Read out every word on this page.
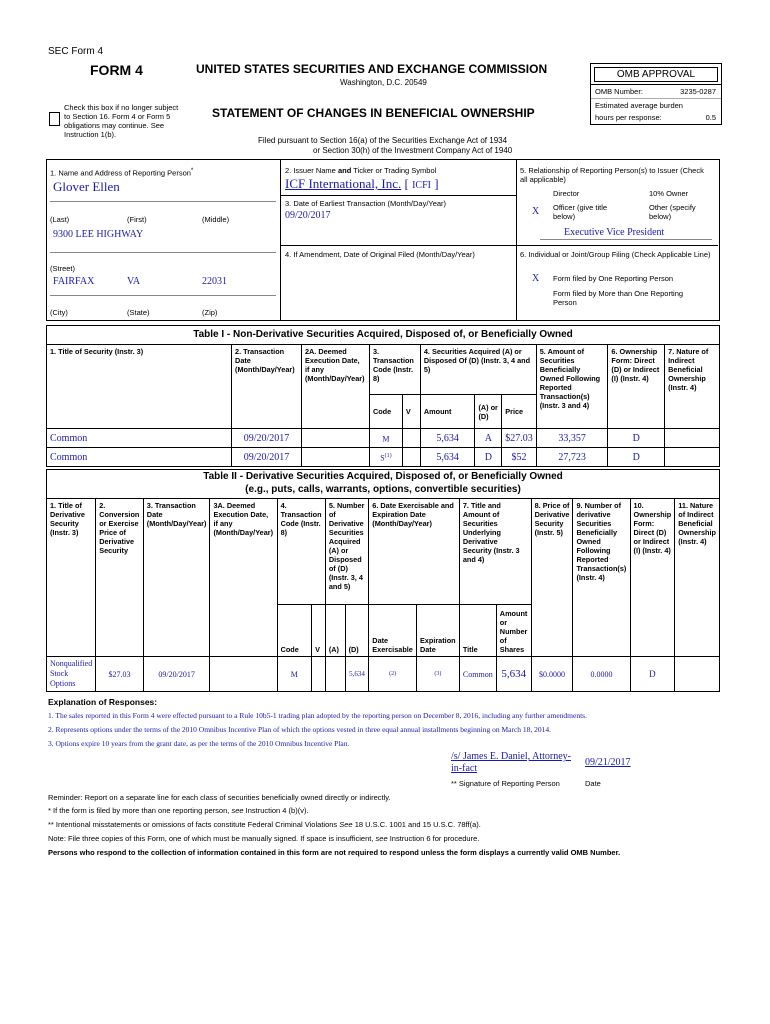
SEC Form 4
FORM 4	UNITED STATES SECURITIES AND EXCHANGE COMMISSION
Washington, D.C. 20549
Check this box if no longer subject to Section 16. Form 4 or Form 5 obligations may continue. See Instruction 1(b).
STATEMENT OF CHANGES IN BENEFICIAL OWNERSHIP
Filed pursuant to Section 16(a) of the Securities Exchange Act of 1934
or Section 30(h) of the Investment Company Act of 1940
OMB APPROVAL
OMB Number:	3235-0287
Estimated average burden
hours per response:	0.5
1. Name and Address of Reporting Person*
Glover Ellen
(Last)	(First)	(Middle)
9300 LEE HIGHWAY
(Street)
FAIRFAX	VA	22031
(City)	(State)	(Zip)
2. Issuer Name and Ticker or Trading Symbol
ICF International, Inc. [ ICFI ]
3. Date of Earliest Transaction (Month/Day/Year)
09/20/2017
4. If Amendment, Date of Original Filed (Month/Day/Year)
5. Relationship of Reporting Person(s) to Issuer (Check all applicable)
Director	10% Owner
X Officer (give title below)
Other (specify below)
Executive Vice President
6. Individual or Joint/Group Filing (Check Applicable Line)
X Form filed by One Reporting Person
Form filed by More than One Reporting Person
Table I - Non-Derivative Securities Acquired, Disposed of, or Beneficially Owned
1. Title of Security (Instr. 3)	2. Transaction Date (Month/Day/Year)	2A. Deemed Execution Date, if any (Month/Day/Year)	3. Transaction Code (Instr. 8)		4. Securities Acquired (A) or Disposed Of (D) (Instr. 3, 4 and 5)			5. Amount of Securities Beneficially Owned Following Reported Transaction(s) (Instr. 3 and 4)	6. Ownership Form: Direct (D) or Indirect (I) (Instr. 4)	7. Nature of Indirect Beneficial Ownership (Instr. 4)
			Code	V	Amount	(A) or (D)	Price			
Common	09/20/2017		M		5,634	A	$27.03	33,357	D	
Common	09/20/2017		$S^{(1)}$		5,634	D	$52	27,723	D	
Table II - Derivative Securities Acquired, Disposed of, or Beneficially Owned
(e.g., puts, calls, warrants, options, convertible securities)
1. Title of Derivative Security (Instr. 3)	2. Conversion or Exercise Price of Derivative Security	3. Transaction Date (Month/Day/Year)	3A. Deemed Execution Date, if any (Month/Day/Year)	4. Transaction Code (Instr. 8)		5. Number of Derivative Securities Acquired (A) or Disposed of (D) (Instr. 3, 4 and 5)		6. Date Exercisable and Expiration Date (Month/Day/Year)		7. Title and Amount of Securities Underlying Derivative Security (Instr. 3 and 4)		8. Price of Derivative Security (Instr. 5)	9. Number of derivative Securities Beneficially Owned Following Reported Transaction(s) (Instr. 4)	10. Ownership Form: Direct (D) or Indirect (I) (Instr. 4)	11. Nature of Indirect Beneficial Ownership (Instr. 4)
				Code	V	(A)	(D)	Date Exercisable	Expiration Date	Title	Amount or Number of Shares				
Nonqualified Stock Options	$27.03	09/20/2017		M			5,634	(2)	(3)	Common	5,634	$0.0000	0.0000	D	
Explanation of Responses:
1. The sales reported in this Form 4 were effected pursuant to a Rule 10b5-1 trading plan adopted by the reporting person on December 8, 2016, including any further amendments.
2. Represents options under the terms of the 2010 Omnibus Incentive Plan of which the options vested in three equal annual installments beginning on March 18, 2014.
3. Options expire 10 years from the grant date, as per the terms of the 2010 Omnibus Incentive Plan.
/s/ James E. Daniel, Attorney-in-fact
09/21/2017
** Signature of Reporting Person	Date
Reminder: Report on a separate line for each class of securities beneficially owned directly or indirectly.
* If the form is filed by more than one reporting person, see Instruction 4 (b)(v).
** Intentional misstatements or omissions of facts constitute Federal Criminal Violations See 18 U.S.C. 1001 and 15 U.S.C. 78ff(a).
Note: File three copies of this Form, one of which must be manually signed. If space is insufficient, see Instruction 6 for procedure.
Persons who respond to the collection of information contained in this form are not required to respond unless the form displays a currently valid OMB Number.
